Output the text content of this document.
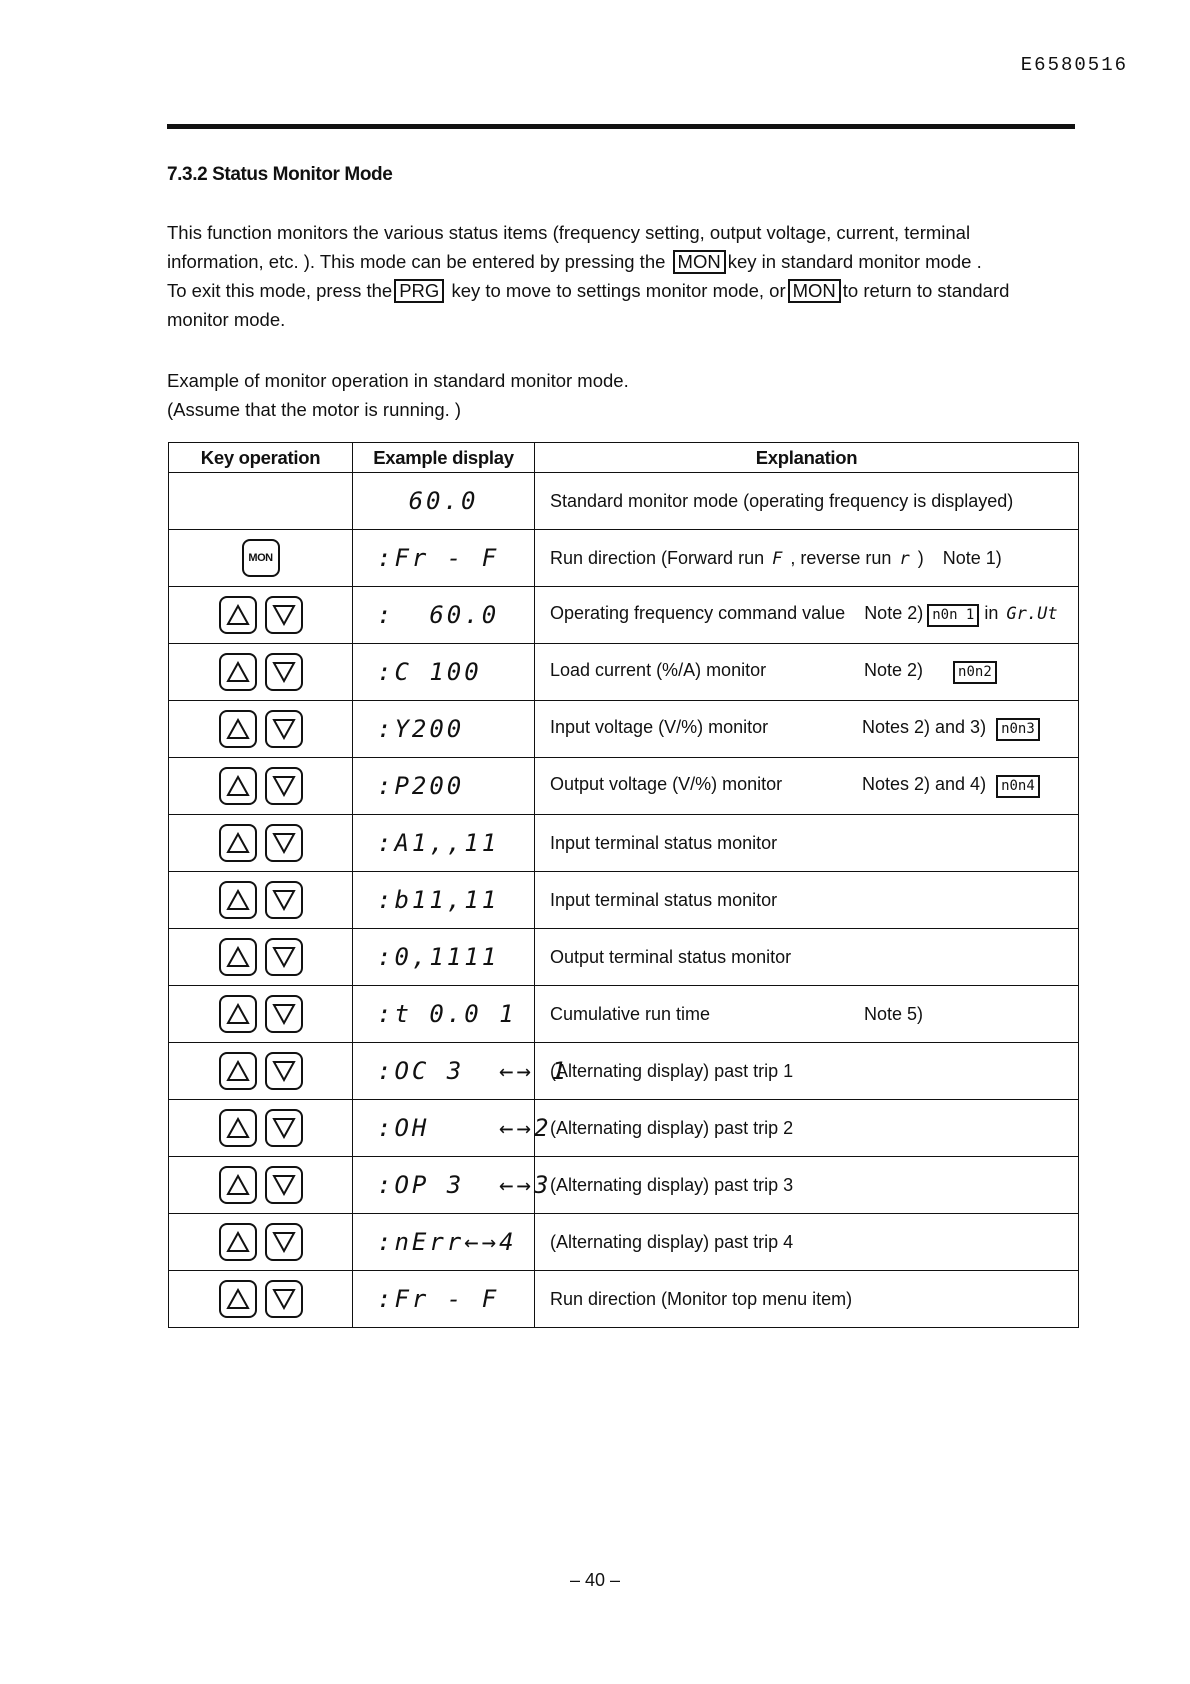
E6580516
7.3.2 Status Monitor Mode

This function monitors the various status items (frequency setting, output voltage, current, terminal

information, etc. ). This mode can be entered by pressing the MON key in standard monitor mode .

To exit this mode, press the PRG key to move to settings monitor mode, or MON to return to standard

monitor mode.

Example of monitor operation in standard monitor mode.

(Assume that the motor is running. )

Key operation	Example display	Explanation
	60.0	Standard monitor mode (operating frequency is displayed)
MON	:Fr - F	Run direction (Forward run F , reverse run r ) Note 1)

	:  60.0	Operating frequency command value Note 2) n0n 1 in Gr.Ut

	:C 100	Load current (%/A) monitor Note 2) n0n2

	:Y200	Input voltage (V/%) monitor Notes 2) and 3) n0n3

	:P200	Output voltage (V/%) monitor Notes 2) and 4) n0n4

	:A1,,11	Input terminal status monitor

	:b11,11	Input terminal status monitor

	:0,1111	Output terminal status monitor

	:t 0.0 1	Cumulative run time Note 5)

	:OC 3  ←→ 1	(Alternating display) past trip 1

	:OH    ←→2	(Alternating display) past trip 2

	:OP 3  ←→3	(Alternating display) past trip 3

	:nErr←→4	(Alternating display) past trip 4

	:Fr - F	Run direction (Monitor top menu item)
– 40 –
